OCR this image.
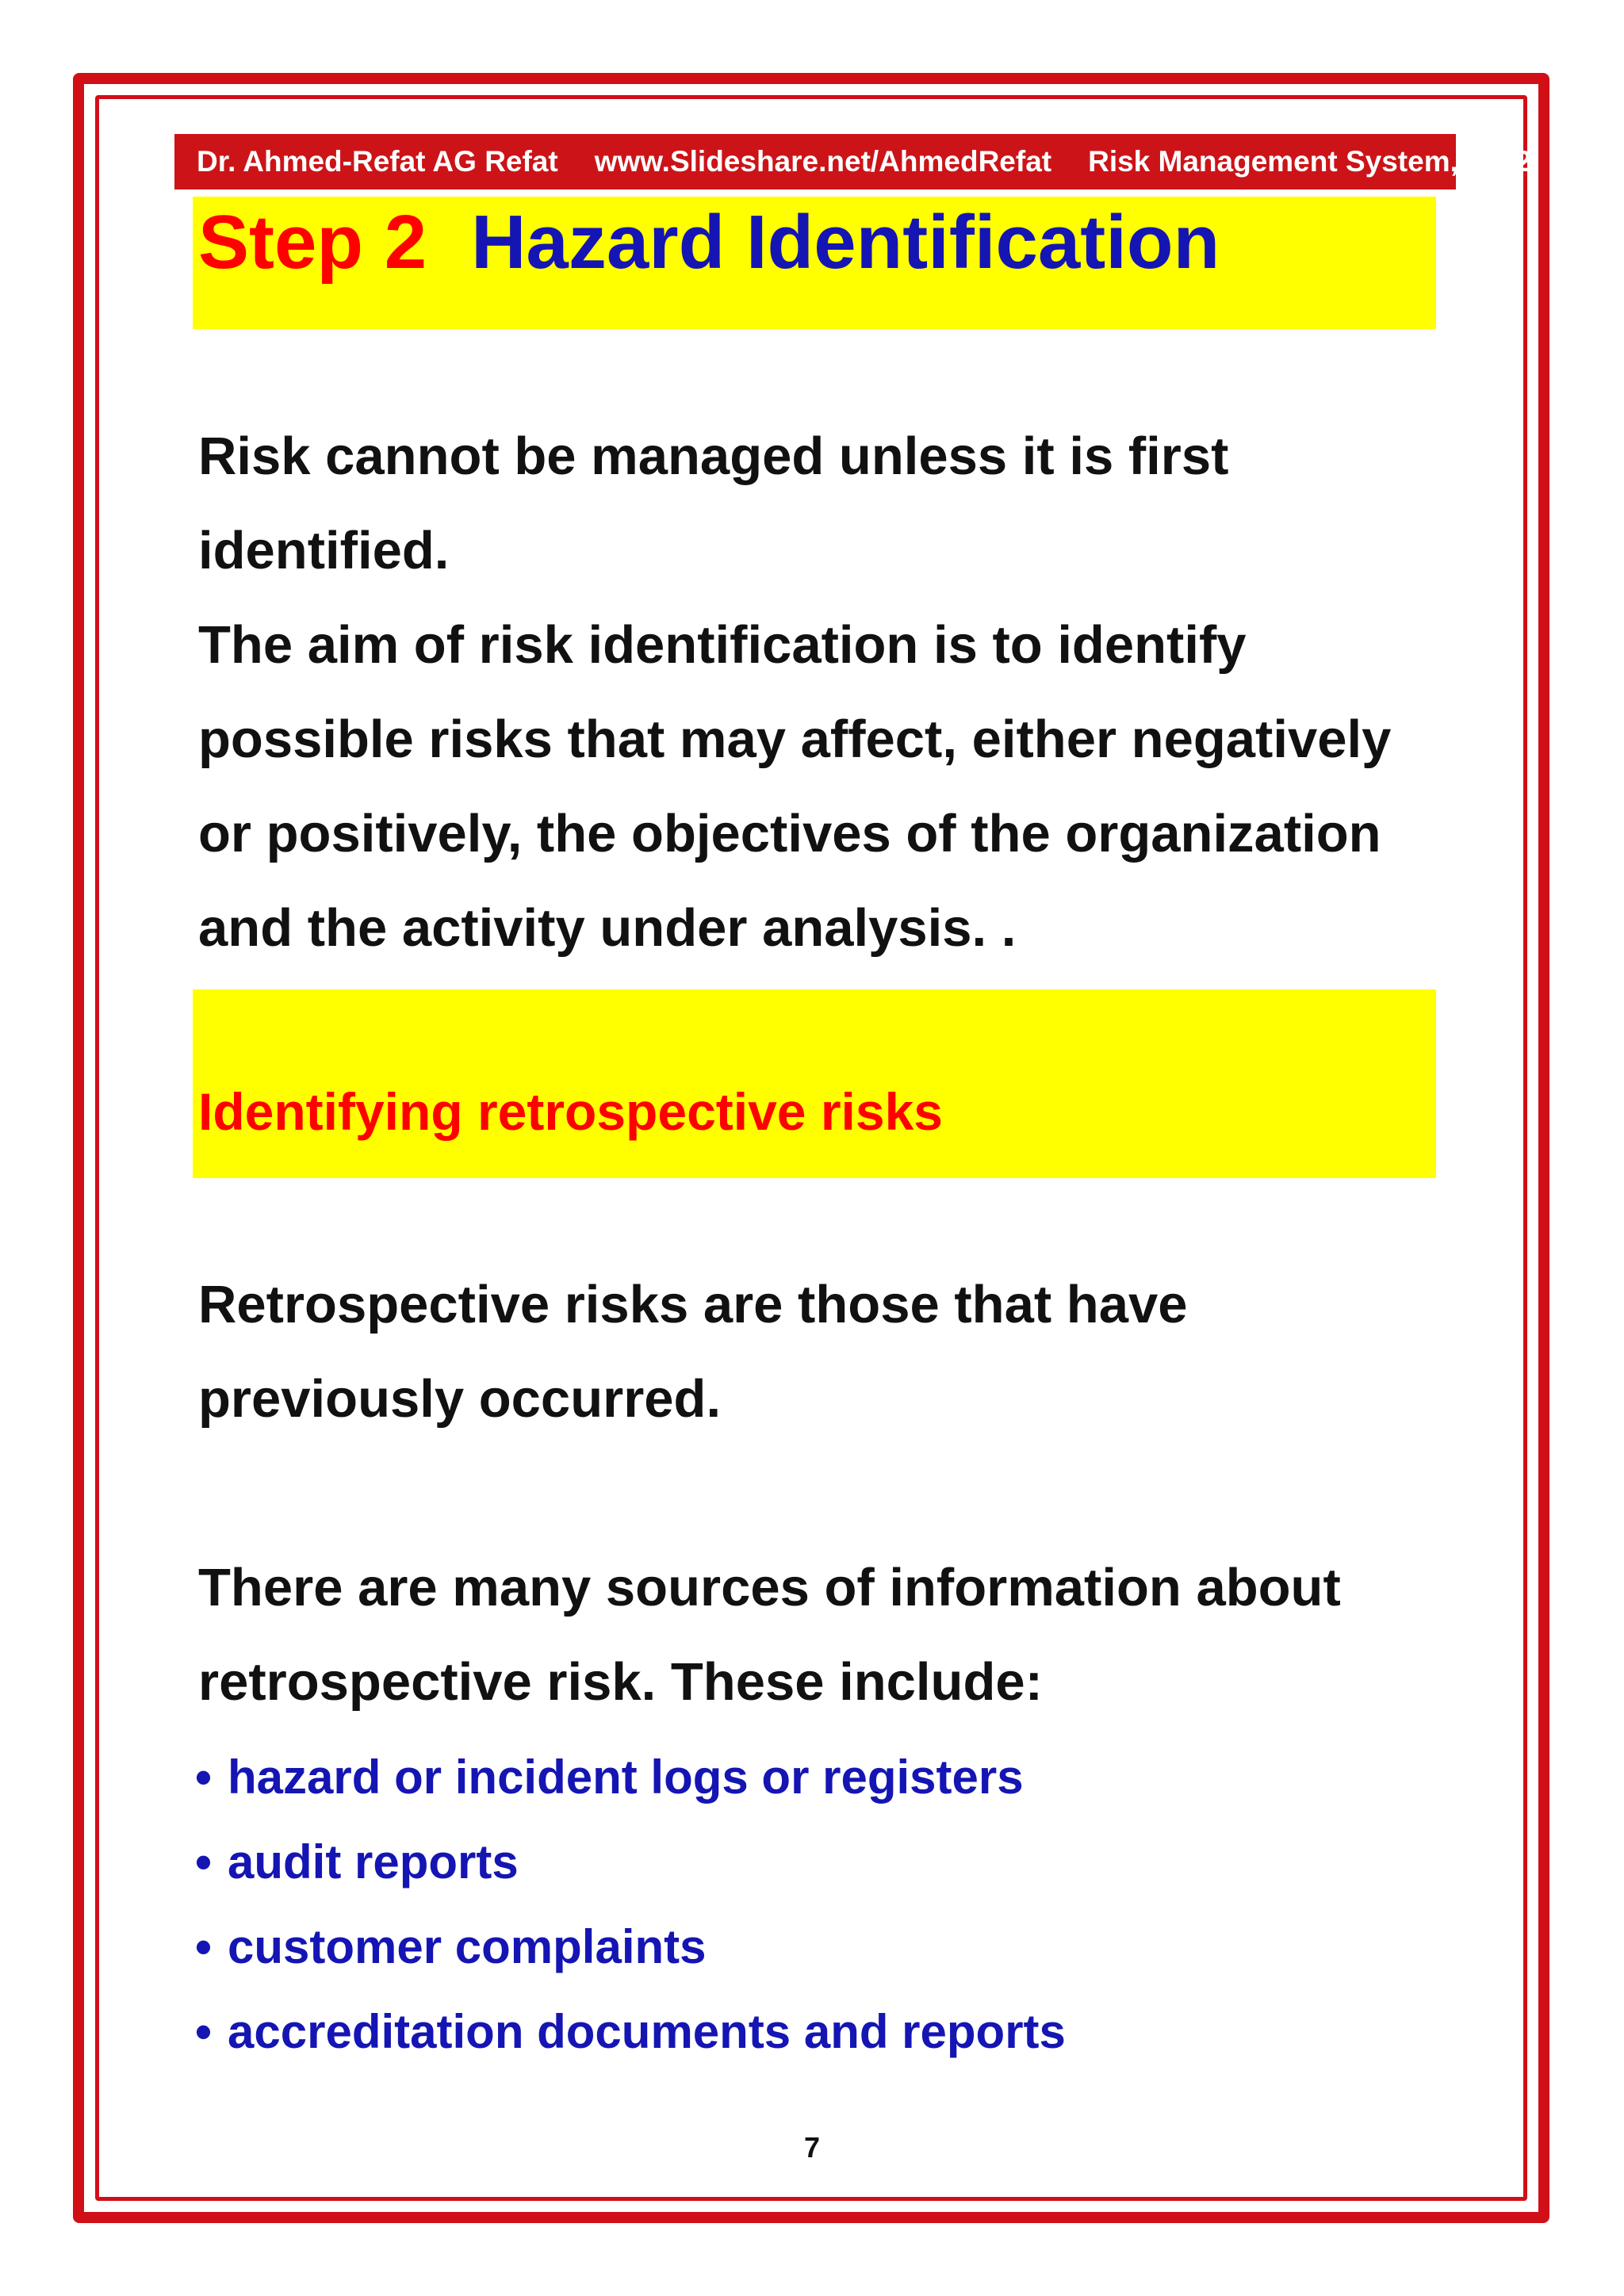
Dr. Ahmed-Refat AG Refat www.Slideshare.net/AhmedRefat Risk Management System, 2012
Step 2 Hazard Identification
Risk cannot be managed unless it is first identified.
The aim of risk identification is to identify possible risks that may affect, either negatively or positively, the objectives of the organization and the activity under analysis. .
Identifying retrospective risks

Retrospective risks are those that have previously occurred.

There are many sources of information about retrospective risk. These include:

• hazard or incident logs or registers
• audit reports
• customer complaints
• accreditation documents and reports
7
